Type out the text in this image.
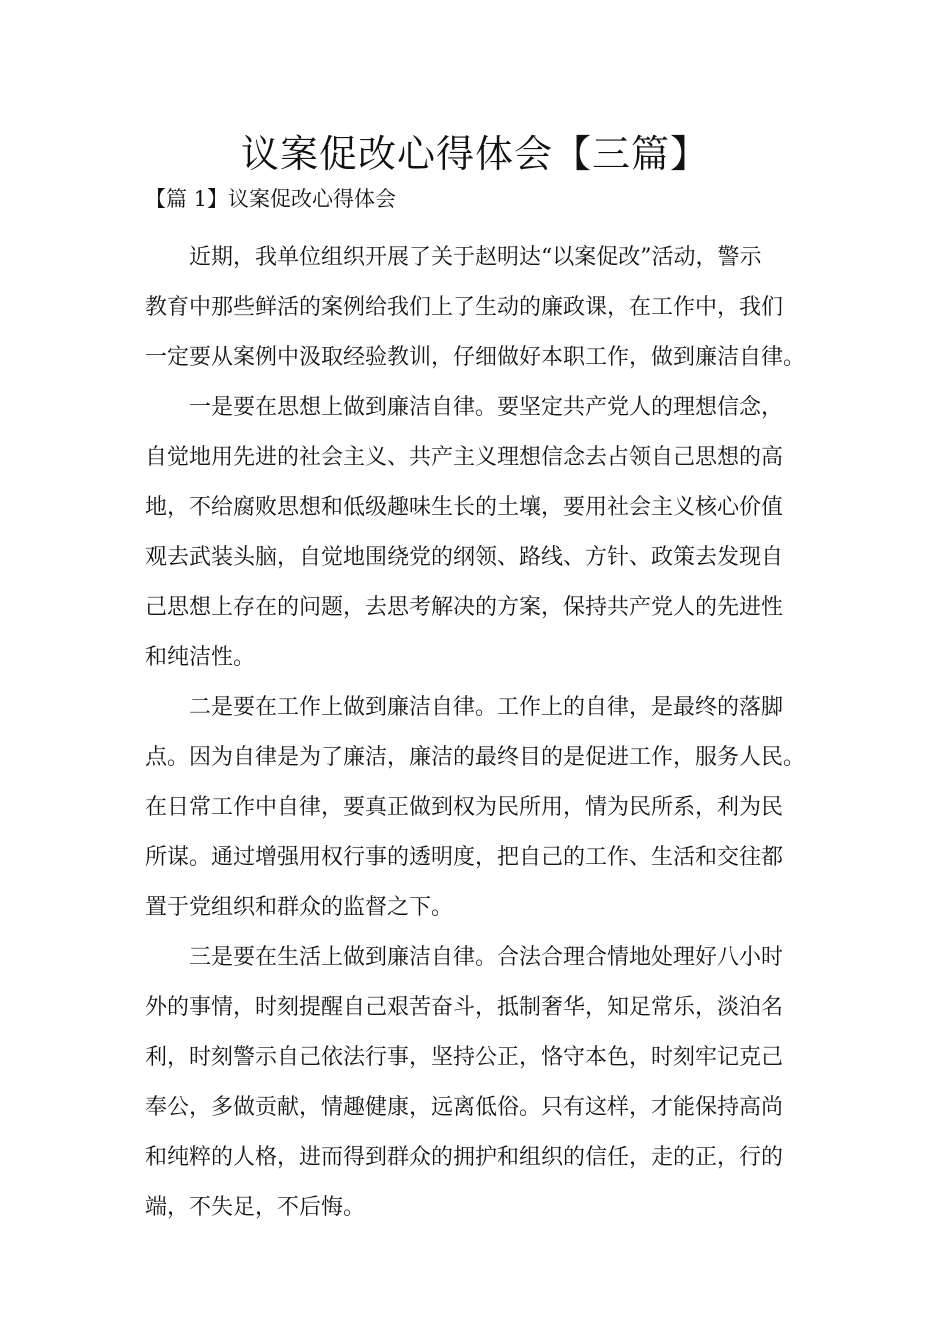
议案促改心得体会【三篇】
【篇 1】议案促改心得体会

近期，我单位组织开展了关于赵明达“以案促改”活动，警示
教育中那些鲜活的案例给我们上了生动的廉政课，在工作中，我们
一定要从案例中汲取经验教训，仔细做好本职工作，做到廉洁自律。

一是要在思想上做到廉洁自律。要坚定共产党人的理想信念，
自觉地用先进的社会主义、共产主义理想信念去占领自己思想的高
地，不给腐败思想和低级趣味生长的土壤，要用社会主义核心价值
观去武装头脑，自觉地围绕党的纲领、路线、方针、政策去发现自
己思想上存在的问题，去思考解决的方案，保持共产党人的先进性
和纯洁性。

二是要在工作上做到廉洁自律。工作上的自律，是最终的落脚
点。因为自律是为了廉洁，廉洁的最终目的是促进工作，服务人民。
在日常工作中自律，要真正做到权为民所用，情为民所系，利为民
所谋。通过增强用权行事的透明度，把自己的工作、生活和交往都
置于党组织和群众的监督之下。

三是要在生活上做到廉洁自律。合法合理合情地处理好八小时
外的事情，时刻提醒自己艰苦奋斗，抵制奢华，知足常乐，淡泊名
利，时刻警示自己依法行事，坚持公正，恪守本色，时刻牢记克己
奉公，多做贡献，情趣健康，远离低俗。只有这样，才能保持高尚
和纯粹的人格，进而得到群众的拥护和组织的信任，走的正，行的
端，不失足，不后悔。
